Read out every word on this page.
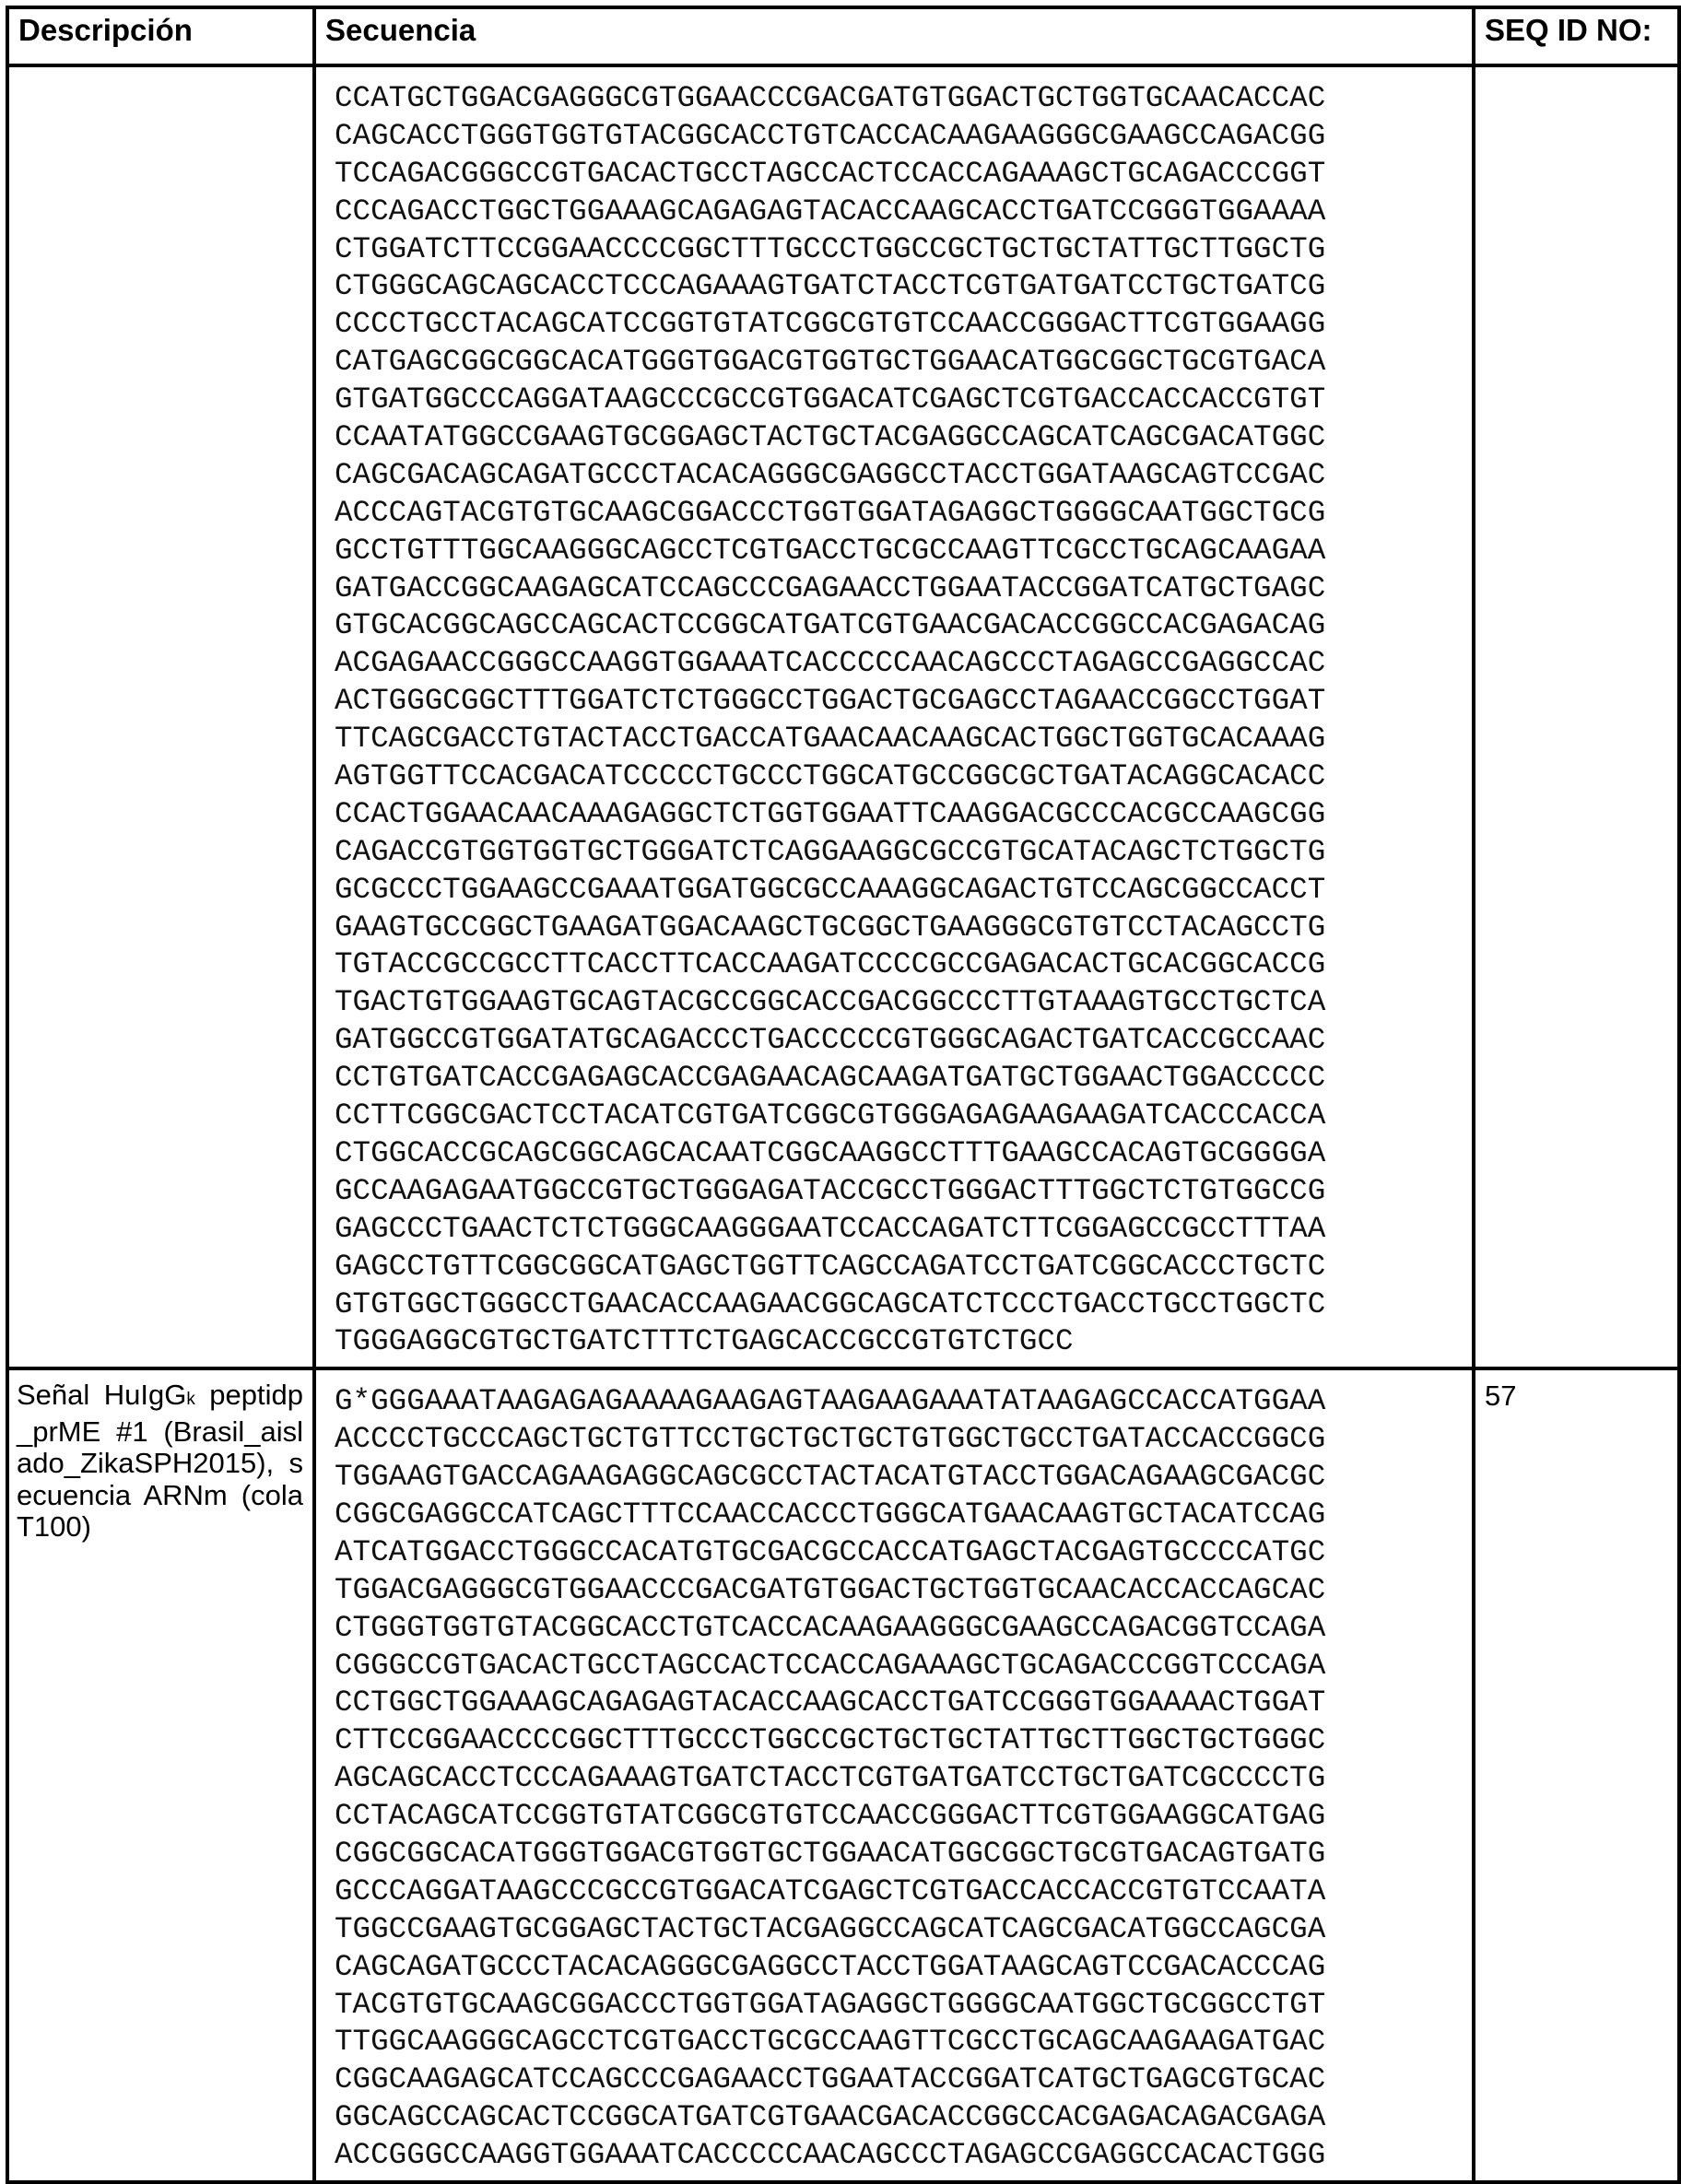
Descripción	Secuencia	SEQ ID NO:

CCATGCTGGACGAGGGCGTGGAACCCGACGATGTGGACTGCTGGTGCAACACCAC
CAGCACCTGGGTGGTGTACGGCACCTGTCACCACAAGAAGGGCGAAGCCAGACGG
TCCAGACGGGCCGTGACACTGCCTAGCCACTCCACCAGAAAGCTGCAGACCCGGT
CCCAGACCTGGCTGGAAAGCAGAGAGTACACCAAGCACCTGATCCGGGTGGAAAA
CTGGATCTTCCGGAACCCCGGCTTTGCCCTGGCCGCTGCTGCTATTGCTTGGCTG
CTGGGCAGCAGCACCTCCCAGAAAGTGATCTACCTCGTGATGATCCTGCTGATCG
CCCCTGCCTACAGCATCCGGTGTATCGGCGTGTCCAACCGGGACTTCGTGGAAGG
CATGAGCGGCGGCACATGGGTGGACGTGGTGCTGGAACATGGCGGCTGCGTGACA
GTGATGGCCCAGGATAAGCCCGCCGTGGACATCGAGCTCGTGACCACCACCGTGT
CCAATATGGCCGAAGTGCGGAGCTACTGCTACGAGGCCAGCATCAGCGACATGGC
CAGCGACAGCAGATGCCCTACACAGGGCGAGGCCTACCTGGATAAGCAGTCCGAC
ACCCAGTACGTGTGCAAGCGGACCCTGGTGGATAGAGGCTGGGGCAATGGCTGCG
GCCTGTTTGGCAAGGGCAGCCTCGTGACCTGCGCCAAGTTCGCCTGCAGCAAGAA
GATGACCGGCAAGAGCATCCAGCCCGAGAACCTGGAATACCGGATCATGCTGAGC
GTGCACGGCAGCCAGCACTCCGGCATGATCGTGAACGACACCGGCCACGAGACAG
ACGAGAACCGGGCCAAGGTGGAAATCACCCCCAACAGCCCTAGAGCCGAGGCCAC
ACTGGGCGGCTTTGGATCTCTGGGCCTGGACTGCGAGCCTAGAACCGGCCTGGAT
TTCAGCGACCTGTACTACCTGACCATGAACAACAAGCACTGGCTGGTGCACAAAG
AGTGGTTCCACGACATCCCCCTGCCCTGGCATGCCGGCGCTGATACAGGCACACC
CCACTGGAACAACAAAGAGGCTCTGGTGGAATTCAAGGACGCCCACGCCAAGCGG
CAGACCGTGGTGGTGCTGGGATCTCAGGAAGGCGCCGTGCATACAGCTCTGGCTG
GCGCCCTGGAAGCCGAAATGGATGGCGCCAAAGGCAGACTGTCCAGCGGCCACCT
GAAGTGCCGGCTGAAGATGGACAAGCTGCGGCTGAAGGGCGTGTCCTACAGCCTG
TGTACCGCCGCCTTCACCTTCACCAAGATCCCCGCCGAGACACTGCACGGCACCG
TGACTGTGGAAGTGCAGTACGCCGGCACCGACGGCCCTTGTAAAGTGCCTGCTCA
GATGGCCGTGGATATGCAGACCCTGACCCCCGTGGGCAGACTGATCACCGCCAAC
CCTGTGATCACCGAGAGCACCGAGAACAGCAAGATGATGCTGGAACTGGACCCCC
CCTTCGGCGACTCCTACATCGTGATCGGCGTGGGAGAGAAGAAGATCACCCACCA
CTGGCACCGCAGCGGCAGCACAATCGGCAAGGCCTTTGAAGCCACAGTGCGGGGA
GCCAAGAGAATGGCCGTGCTGGGAGATACCGCCTGGGACTTTGGCTCTGTGGCCG
GAGCCCTGAACTCTCTGGGCAAGGGAATCCACCAGATCTTCGGAGCCGCCTTTAA
GAGCCTGTTCGGCGGCATGAGCTGGTTCAGCCAGATCCTGATCGGCACCCTGCTC
GTGTGGCTGGGCCTGAACACCAAGAACGGCAGCATCTCCCTGACCTGCCTGGCTC
TGGGAGGCGTGCTGATCTTTCTGAGCACCGCCGTGTCTGCC

Señal HuIgGk peptidp_prME #1 (Brasil_aislado_ZikaSPH2015), secuencia ARNm (cola T100)	
G*GGGAAATAAGAGAGAAAAGAAGAGTAAGAAGAAATATAAGAGCCACCATGGAA
ACCCCTGCCCAGCTGCTGTTCCTGCTGCTGCTGTGGCTGCCTGATACCACCGGCG
TGGAAGTGACCAGAAGAGGCAGCGCCTACTACATGTACCTGGACAGAAGCGACGC
CGGCGAGGCCATCAGCTTTCCAACCACCCTGGGCATGAACAAGTGCTACATCCAG
ATCATGGACCTGGGCCACATGTGCGACGCCACCATGAGCTACGAGTGCCCCATGC
TGGACGAGGGCGTGGAACCCGACGATGTGGACTGCTGGTGCAACACCACCAGCAC
CTGGGTGGTGTACGGCACCTGTCACCACAAGAAGGGCGAAGCCAGACGGTCCAGA
CGGGCCGTGACACTGCCTAGCCACTCCACCAGAAAGCTGCAGACCCGGTCCCAGA
CCTGGCTGGAAAGCAGAGAGTACACCAAGCACCTGATCCGGGTGGAAAACTGGAT
CTTCCGGAACCCCGGCTTTGCCCTGGCCGCTGCTGCTATTGCTTGGCTGCTGGGC
AGCAGCACCTCCCAGAAAGTGATCTACCTCGTGATGATCCTGCTGATCGCCCCTG
CCTACAGCATCCGGTGTATCGGCGTGTCCAACCGGGACTTCGTGGAAGGCATGAG
CGGCGGCACATGGGTGGACGTGGTGCTGGAACATGGCGGCTGCGTGACAGTGATG
GCCCAGGATAAGCCCGCCGTGGACATCGAGCTCGTGACCACCACCGTGTCCAATA
TGGCCGAAGTGCGGAGCTACTGCTACGAGGCCAGCATCAGCGACATGGCCAGCGA
CAGCAGATGCCCTACACAGGGCGAGGCCTACCTGGATAAGCAGTCCGACACCCAG
TACGTGTGCAAGCGGACCCTGGTGGATAGAGGCTGGGGCAATGGCTGCGGCCTGT
TTGGCAAGGGCAGCCTCGTGACCTGCGCCAAGTTCGCCTGCAGCAAGAAGATGAC
CGGCAAGAGCATCCAGCCCGAGAACCTGGAATACCGGATCATGCTGAGCGTGCAC
GGCAGCCAGCACTCCGGCATGATCGTGAACGACACCGGCCACGAGACAGACGAGA
ACCGGGCCAAGGTGGAAATCACCCCCAACAGCCCTAGAGCCGAGGCCACACTGGG
	57
